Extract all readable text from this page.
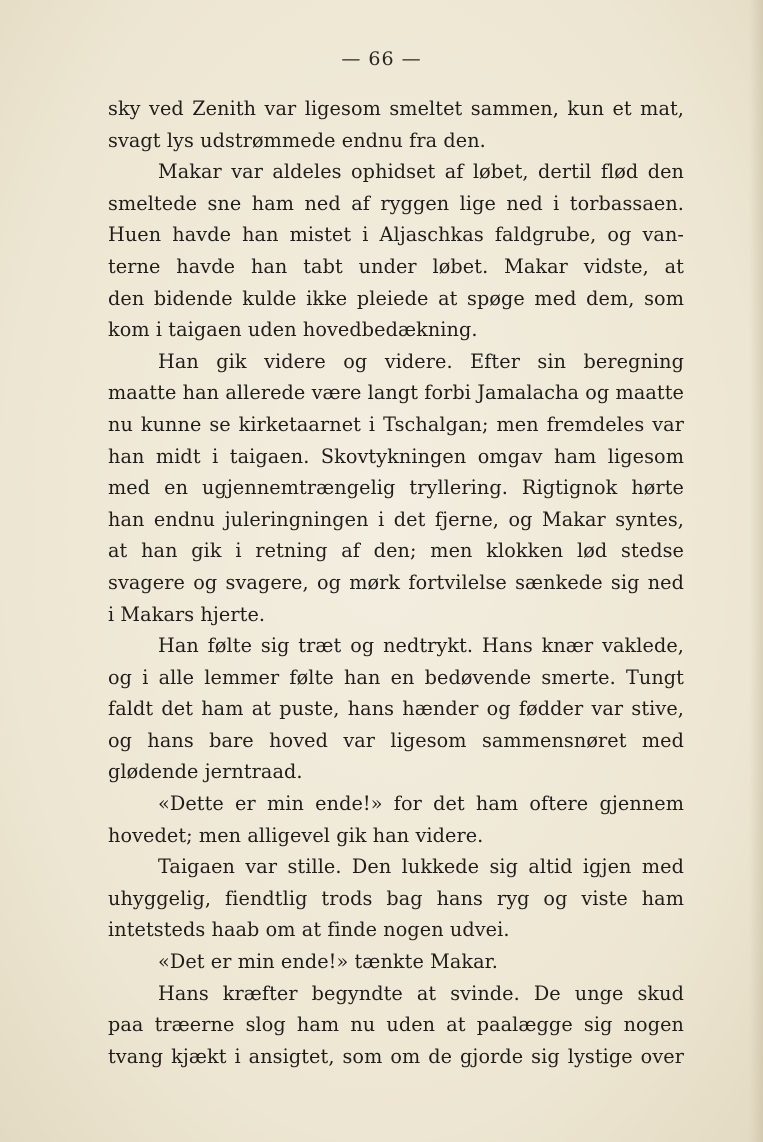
— 66 —
sky ved Zenith var ligesom smeltet sammen, kun et mat,
svagt lys udstrømmede endnu fra den.
Makar var aldeles ophidset af løbet, dertil flød den
smeltede sne ham ned af ryggen lige ned i torbassaen.
Huen havde han mistet i Aljaschkas faldgrube, og van-
terne havde han tabt under løbet. Makar vidste, at
den bidende kulde ikke pleiede at spøge med dem, som
kom i taigaen uden hovedbedækning.
Han gik videre og videre. Efter sin beregning
maatte han allerede være langt forbi Jamalacha og maatte
nu kunne se kirketaarnet i Tschalgan; men fremdeles var
han midt i taigaen. Skovtykningen omgav ham ligesom
med en ugjennemtrængelig tryllering. Rigtignok hørte
han endnu juleringningen i det fjerne, og Makar syntes,
at han gik i retning af den; men klokken lød stedse
svagere og svagere, og mørk fortvilelse sænkede sig ned
i Makars hjerte.
Han følte sig træt og nedtrykt. Hans knær vaklede,
og i alle lemmer følte han en bedøvende smerte. Tungt
faldt det ham at puste, hans hænder og fødder var stive,
og hans bare hoved var ligesom sammensnøret med
glødende jerntraad.
«Dette er min ende!» for det ham oftere gjennem
hovedet; men alligevel gik han videre.
Taigaen var stille. Den lukkede sig altid igjen med
uhyggelig, fiendtlig trods bag hans ryg og viste ham
intetsteds haab om at finde nogen udvei.
«Det er min ende!» tænkte Makar.
Hans kræfter begyndte at svinde. De unge skud
paa træerne slog ham nu uden at paalægge sig nogen
tvang kjækt i ansigtet, som om de gjorde sig lystige over
